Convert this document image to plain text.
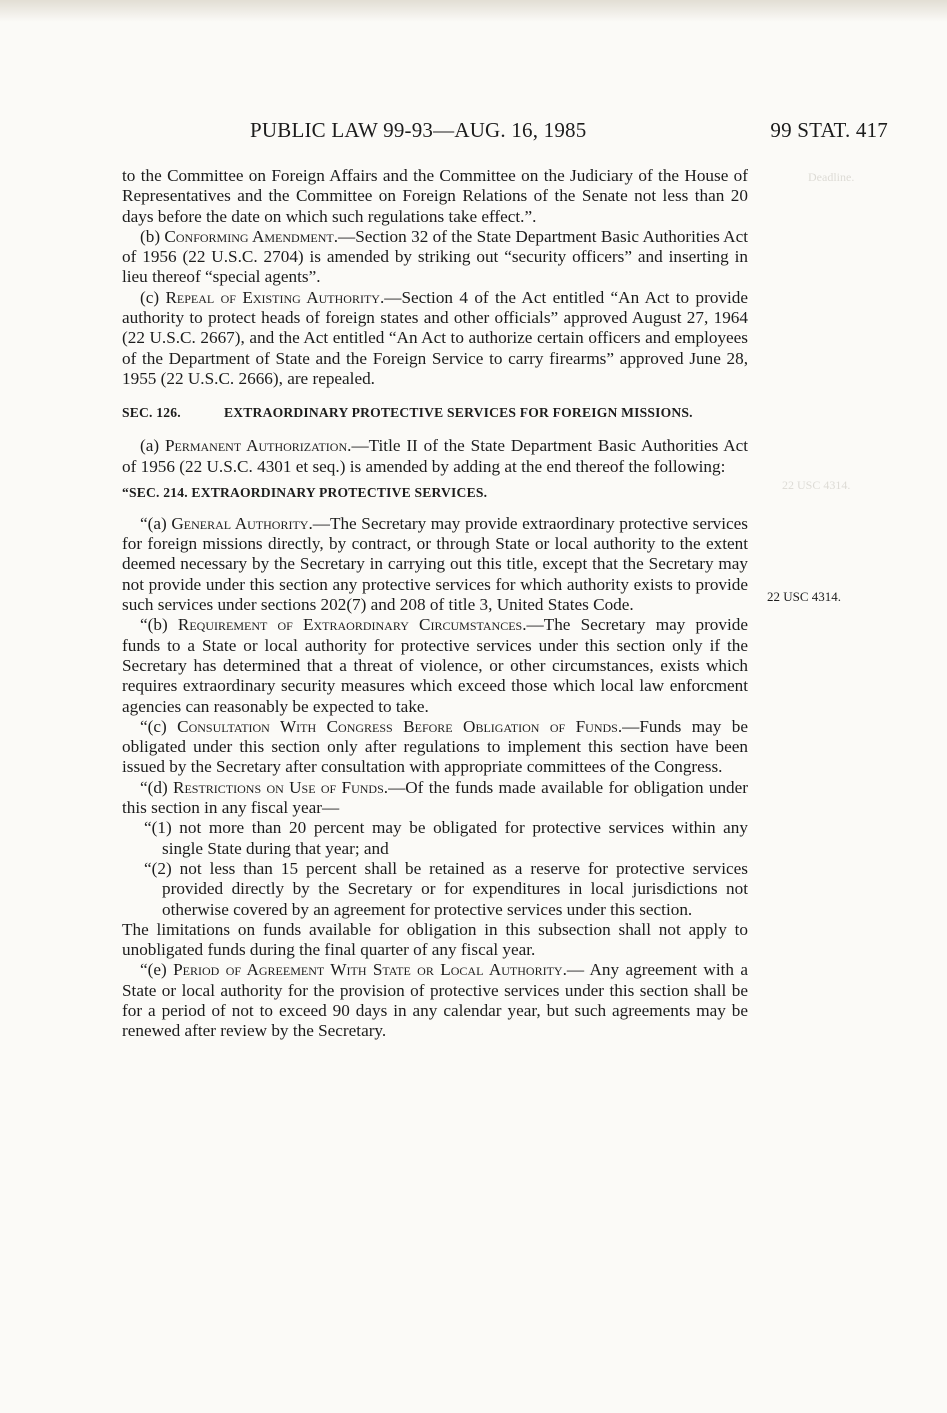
Deadline.
22 USC 4314.
PUBLIC LAW 99-93—AUG. 16, 1985	99 STAT. 417
22 USC 4314.

to the Committee on Foreign Affairs and the Committee on the Judiciary of the House of Representatives and the Committee on Foreign Relations of the Senate not less than 20 days before the date on which such regulations take effect.”.

(b) Conforming Amendment.—Section 32 of the State Department Basic Authorities Act of 1956 (22 U.S.C. 2704) is amended by striking out “security officers” and inserting in lieu thereof “special agents”.

(c) Repeal of Existing Authority.—Section 4 of the Act entitled “An Act to provide authority to protect heads of foreign states and other officials” approved August 27, 1964 (22 U.S.C. 2667), and the Act entitled “An Act to authorize certain officers and employees of the Department of State and the Foreign Service to carry firearms” approved June 28, 1955 (22 U.S.C. 2666), are repealed.

SEC. 126.	EXTRAORDINARY PROTECTIVE SERVICES FOR FOREIGN MISSIONS.

(a) Permanent Authorization.—Title II of the State Department Basic Authorities Act of 1956 (22 U.S.C. 4301 et seq.) is amended by adding at the end thereof the following:

“SEC. 214. EXTRAORDINARY PROTECTIVE SERVICES.

“(a) General Authority.—The Secretary may provide extraordinary protective services for foreign missions directly, by contract, or through State or local authority to the extent deemed necessary by the Secretary in carrying out this title, except that the Secretary may not provide under this section any protective services for which authority exists to provide such services under sections 202(7) and 208 of title 3, United States Code.

“(b) Requirement of Extraordinary Circumstances.—The Secretary may provide funds to a State or local authority for protective services under this section only if the Secretary has determined that a threat of violence, or other circumstances, exists which requires extraordinary security measures which exceed those which local law enforcment agencies can reasonably be expected to take.

“(c) Consultation With Congress Before Obligation of Funds.—Funds may be obligated under this section only after regulations to implement this section have been issued by the Secretary after consultation with appropriate committees of the Congress.

“(d) Restrictions on Use of Funds.—Of the funds made available for obligation under this section in any fiscal year—

“(1) not more than 20 percent may be obligated for protective services within any single State during that year; and

“(2) not less than 15 percent shall be retained as a reserve for protective services provided directly by the Secretary or for expenditures in local jurisdictions not otherwise covered by an agreement for protective services under this section.

The limitations on funds available for obligation in this subsection shall not apply to unobligated funds during the final quarter of any fiscal year.

“(e) Period of Agreement With State or Local Authority.— Any agreement with a State or local authority for the provision of protective services under this section shall be for a period of not to exceed 90 days in any calendar year, but such agreements may be renewed after review by the Secretary.
